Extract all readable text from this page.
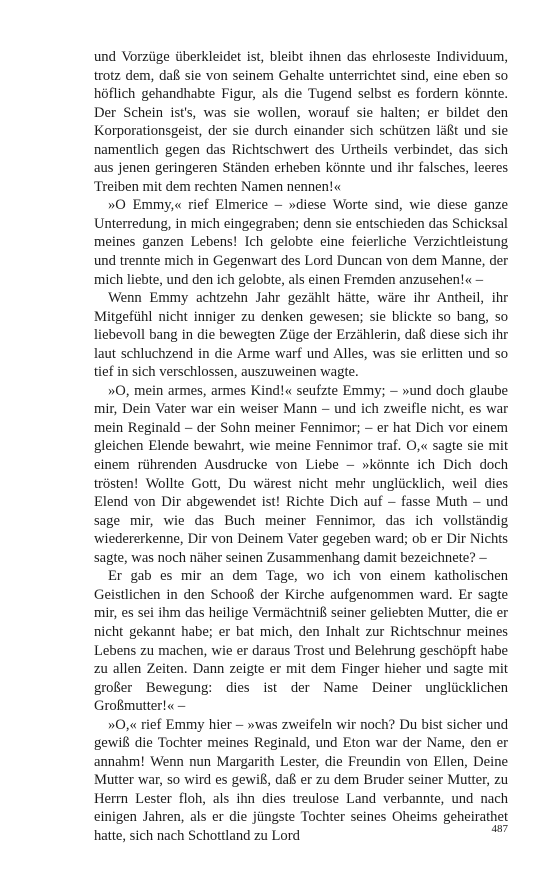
und Vorzüge überkleidet ist, bleibt ihnen das ehrloseste Individuum, trotz dem, daß sie von seinem Gehalte unterrichtet sind, eine eben so höflich gehandhabte Figur, als die Tugend selbst es fordern könnte. Der Schein ist's, was sie wollen, worauf sie halten; er bildet den Korporationsgeist, der sie durch einander sich schützen läßt und sie namentlich gegen das Richtschwert des Urtheils verbindet, das sich aus jenen geringeren Ständen erheben könnte und ihr falsches, leeres Treiben mit dem rechten Namen nennen!«

»O Emmy,« rief Elmerice – »diese Worte sind, wie diese ganze Unterredung, in mich eingegraben; denn sie entschieden das Schicksal meines ganzen Lebens! Ich gelobte eine feierliche Verzichtleistung und trennte mich in Gegenwart des Lord Duncan von dem Manne, der mich liebte, und den ich gelobte, als einen Fremden anzusehen!« –

Wenn Emmy achtzehn Jahr gezählt hätte, wäre ihr Antheil, ihr Mitgefühl nicht inniger zu denken gewesen; sie blickte so bang, so liebevoll bang in die bewegten Züge der Erzählerin, daß diese sich ihr laut schluchzend in die Arme warf und Alles, was sie erlitten und so tief in sich verschlossen, auszuweinen wagte.

»O, mein armes, armes Kind!« seufzte Emmy; – »und doch glaube mir, Dein Vater war ein weiser Mann – und ich zweifle nicht, es war mein Reginald – der Sohn meiner Fennimor; – er hat Dich vor einem gleichen Elende bewahrt, wie meine Fennimor traf. O,« sagte sie mit einem rührenden Ausdrucke von Liebe – »könnte ich Dich doch trösten! Wollte Gott, Du wärest nicht mehr unglücklich, weil dies Elend von Dir abgewendet ist! Richte Dich auf – fasse Muth – und sage mir, wie das Buch meiner Fennimor, das ich vollständig wiedererkenne, Dir von Deinem Vater gegeben ward; ob er Dir Nichts sagte, was noch näher seinen Zusammenhang damit bezeichnete? –

Er gab es mir an dem Tage, wo ich von einem katholischen Geistlichen in den Schooß der Kirche aufgenommen ward. Er sagte mir, es sei ihm das heilige Vermächtniß seiner geliebten Mutter, die er nicht gekannt habe; er bat mich, den Inhalt zur Richtschnur meines Lebens zu machen, wie er daraus Trost und Belehrung geschöpft habe zu allen Zeiten. Dann zeigte er mit dem Finger hieher und sagte mit großer Bewegung: dies ist der Name Deiner unglücklichen Großmutter!« –

»O,« rief Emmy hier – »was zweifeln wir noch? Du bist sicher und gewiß die Tochter meines Reginald, und Eton war der Name, den er annahm! Wenn nun Margarith Lester, die Freundin von Ellen, Deine Mutter war, so wird es gewiß, daß er zu dem Bruder seiner Mutter, zu Herrn Lester floh, als ihn dies treulose Land verbannte, und nach einigen Jahren, als er die jüngste Tochter seines Oheims geheirathet hatte, sich nach Schottland zu Lord	487
